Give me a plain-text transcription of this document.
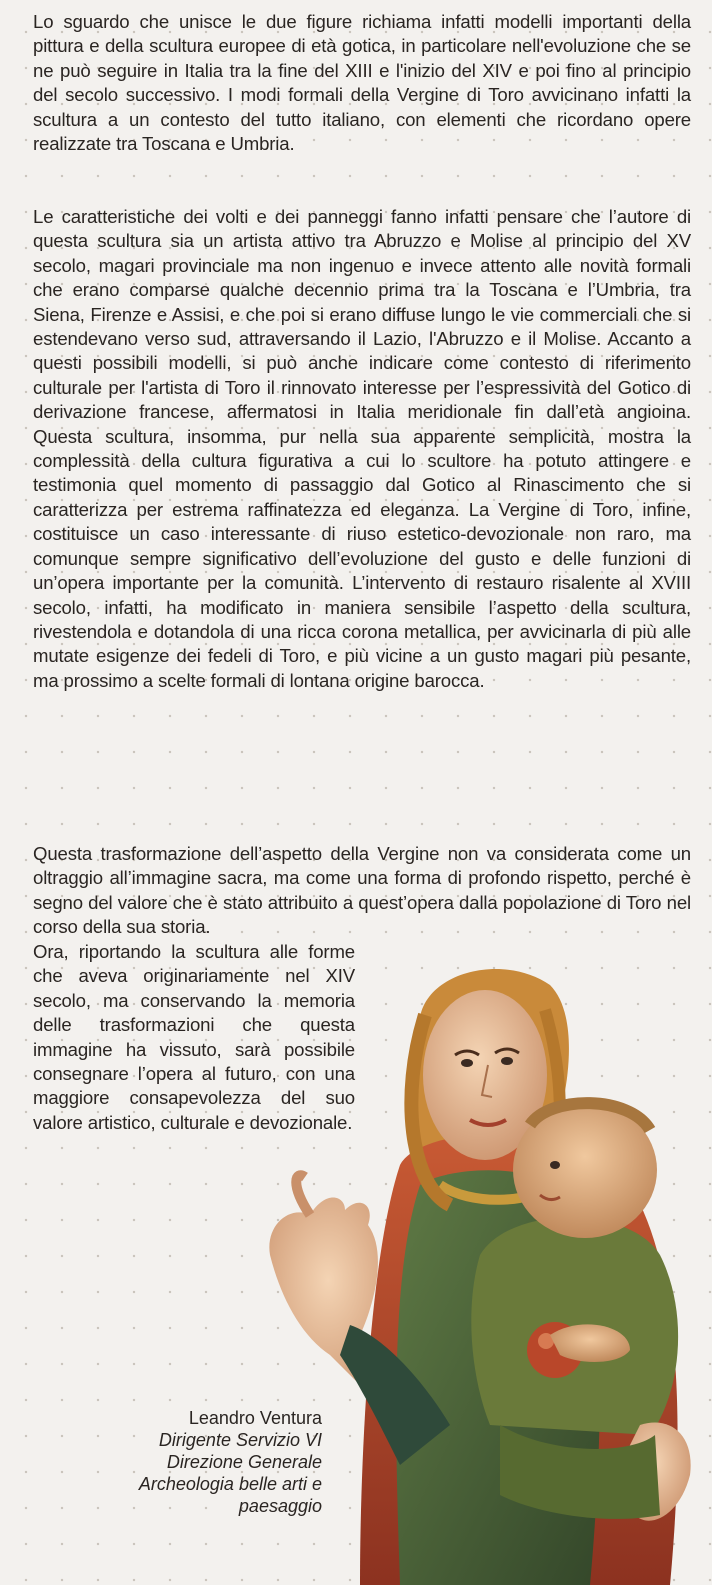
Lo sguardo che unisce le due figure richiama infatti modelli importanti della pittura e della scultura europee di età gotica, in particolare nell'evoluzione che se ne può seguire in Italia tra la fine del XIII e l'inizio del XIV e poi fino al principio del secolo successivo. I modi formali della Vergine di Toro avvicinano infatti la scultura a un contesto del tutto italiano, con elementi che ricordano opere realizzate tra Toscana e Umbria.

Le caratteristiche dei volti e dei panneggi fanno infatti pensare che l’autore di questa scultura sia un artista attivo tra Abruzzo e Molise al principio del XV secolo, magari provinciale ma non ingenuo e invece attento alle novità formali che erano comparse qualche decennio prima tra la Toscana e l’Umbria, tra Siena, Firenze e Assisi, e che poi si erano diffuse lungo le vie commerciali che si estendevano verso sud, attraversando il Lazio, l'Abruzzo e il Molise. Accanto a questi possibili modelli, si può anche indicare come contesto di riferimento culturale per l'artista di Toro il rinnovato interesse per l’espressività del Gotico di derivazione francese, affermatosi in Italia meridionale fin dall’età angioina. Questa scultura, insomma, pur nella sua apparente semplicità, mostra la complessità della cultura figurativa a cui lo scultore ha potuto attingere e testimonia quel momento di passaggio dal Gotico al Rinascimento che si caratterizza per estrema raffinatezza ed eleganza. La Vergine di Toro, infine, costituisce un caso interessante di riuso estetico-devozionale non raro, ma comunque sempre significativo dell’evoluzione del gusto e delle funzioni di un’opera importante per la comunità. L’intervento di restauro risalente al XVIII secolo, infatti, ha modificato in maniera sensibile l’aspetto della scultura, rivestendola e dotandola di una ricca corona metallica, per avvicinarla di più alle mutate esigenze dei fedeli di Toro, e più vicine a un gusto magari più pesante, ma prossimo a scelte formali di lontana origine barocca.

Questa trasformazione dell’aspetto della Vergine non va considerata come un oltraggio all’immagine sacra, ma come una forma di profondo rispetto, perché è segno del valore che è stato attribuito a quest’opera dalla popolazione di Toro nel corso della sua storia.

Ora, riportando la scultura alle forme che aveva originariamente nel XIV secolo, ma conservando la memoria delle trasformazioni che questa immagine ha vissuto, sarà possibile consegnare l’opera al futuro, con una maggiore consapevolezza del suo valore artistico, culturale e devozionale.

Leandro Ventura
Dirigente Servizio VI
Direzione Generale
Archeologia belle arti e
paesaggio
